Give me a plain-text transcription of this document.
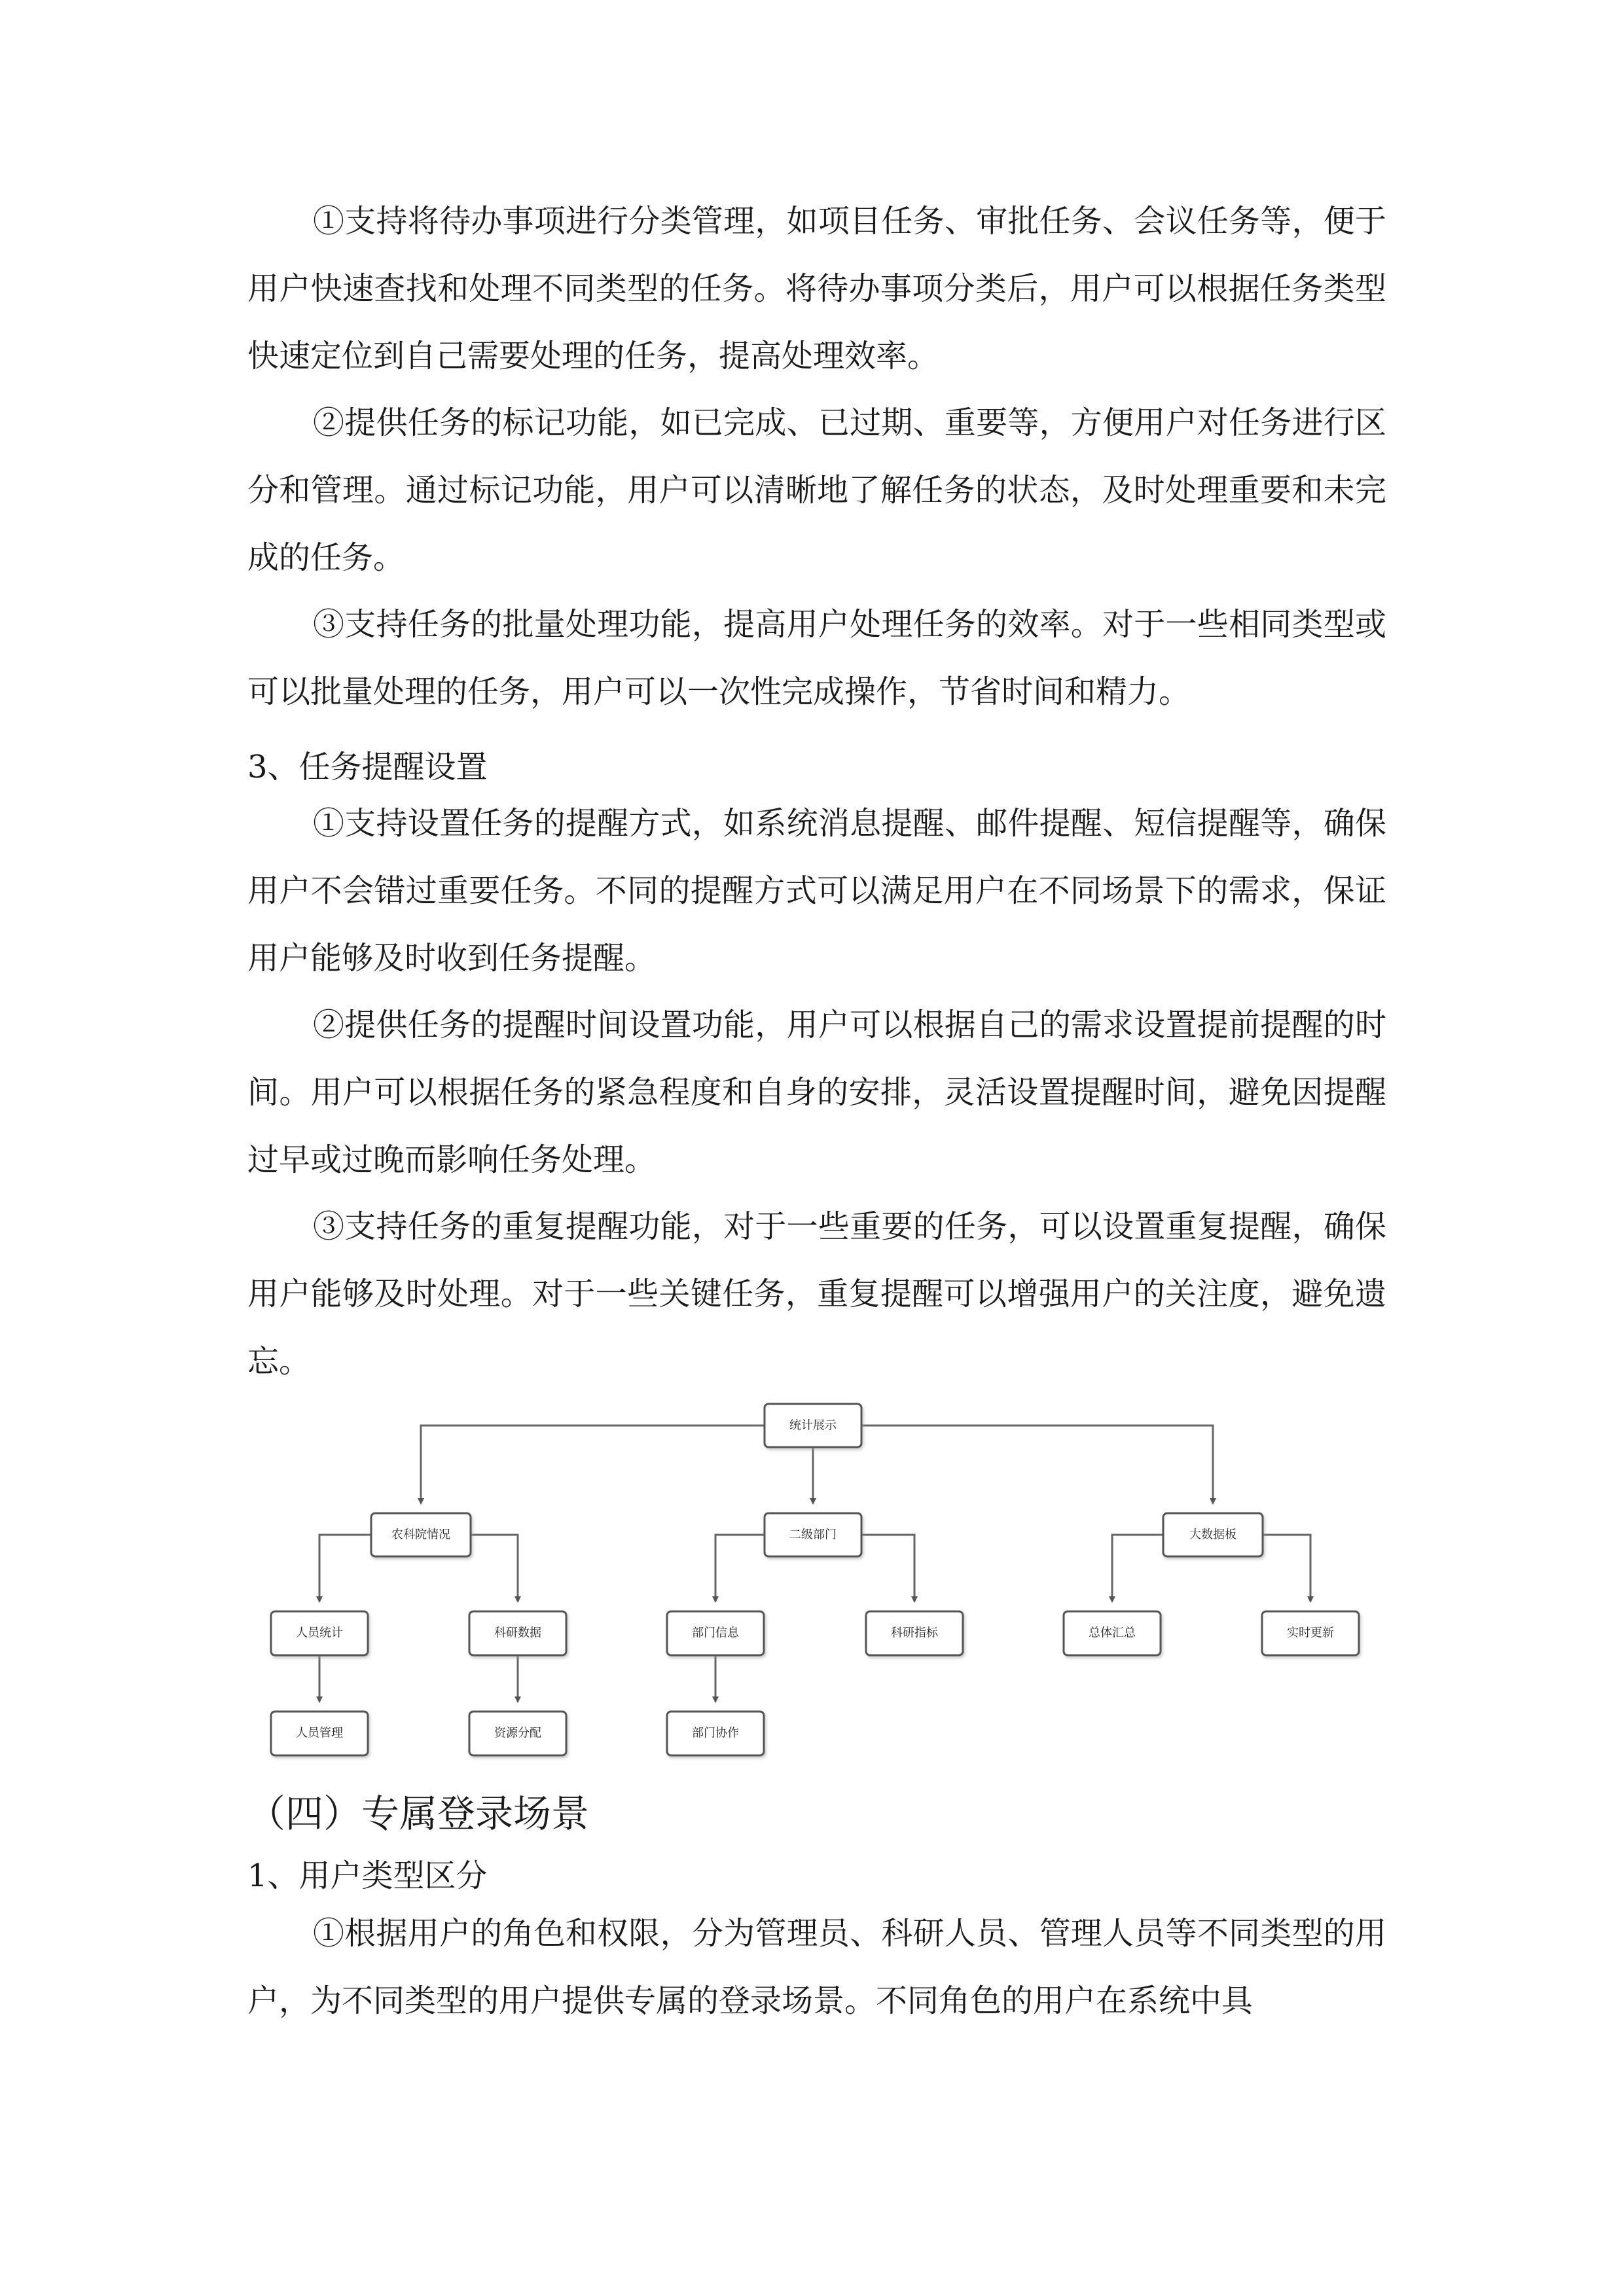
①支持将待办事项进行分类管理，如项目任务、审批任务、会议任务等，便于用户快速查找和处理不同类型的任务。将待办事项分类后，用户可以根据任务类型快速定位到自己需要处理的任务，提高处理效率。

②提供任务的标记功能，如已完成、已过期、重要等，方便用户对任务进行区分和管理。通过标记功能，用户可以清晰地了解任务的状态，及时处理重要和未完成的任务。

③支持任务的批量处理功能，提高用户处理任务的效率。对于一些相同类型或可以批量处理的任务，用户可以一次性完成操作，节省时间和精力。

3、任务提醒设置

①支持设置任务的提醒方式，如系统消息提醒、邮件提醒、短信提醒等，确保用户不会错过重要任务。不同的提醒方式可以满足用户在不同场景下的需求，保证用户能够及时收到任务提醒。

②提供任务的提醒时间设置功能，用户可以根据自己的需求设置提前提醒的时间。用户可以根据任务的紧急程度和自身的安排，灵活设置提醒时间，避免因提醒过早或过晚而影响任务处理。

③支持任务的重复提醒功能，对于一些重要的任务，可以设置重复提醒，确保用户能够及时处理。对于一些关键任务，重复提醒可以增强用户的关注度，避免遗忘。

统计展示
农科院情况	二级部门	大数据板
人员统计	科研数据	部门信息	科研指标	总体汇总	实时更新
人员管理	资源分配	部门协作

（四）专属登录场景

1、用户类型区分

①根据用户的角色和权限，分为管理员、科研人员、管理人员等不同类型的用户，为不同类型的用户提供专属的登录场景。不同角色的用户在系统中具
